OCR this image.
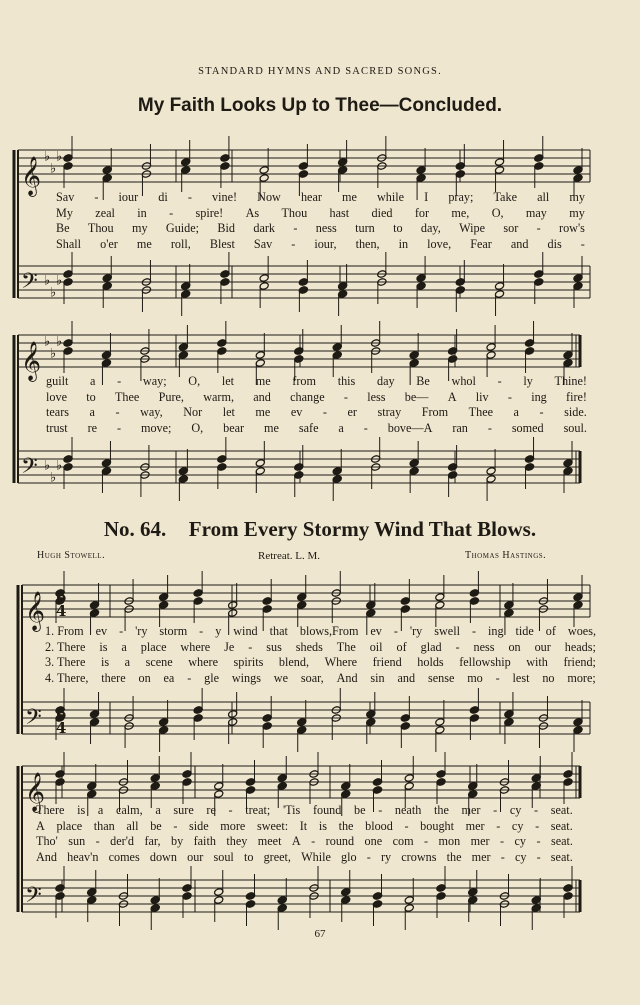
STANDARD HYMNS AND SACRED SONGS.
My Faith Looks Up to Thee—Concluded.
No. 64. From Every Stormy Wind That Blows.
Hugh Stowell.	Retreat. L. M.	Thomas Hastings.
67
𝄞
𝄢
♭
♭
♭
♭
♭
♭
𝄞
𝄢
♭
♭
♭
♭
♭
♭
𝄞
𝄢
𝄞
𝄢
6
4
6
4
Sav - iour di - vine! Now hear me while I pray; Take all my
My zeal in - spire! As Thou hast died for me, O, may my
Be Thou my Guide; Bid dark - ness turn to day, Wipe sor - row's
Shall o'er me roll, Blest Sav - iour, then, in love, Fear and dis -
guilt a - way; O, let me from this day Be whol - ly Thine!
love to Thee Pure, warm, and change - less be— A liv - ing fire!
tears a - way, Nor let me ev - er stray From Thee a - side.
trust re - move; O, bear me safe a - bove—A ran - somed soul.
1. From ev - 'ry storm - y wind that blows,From ev - 'ry swell - ing tide of woes,
2. There is a place where Je - sus sheds The oil of glad - ness on our heads;
3. There is a scene where spirits blend, Where friend holds fellowship with friend;
4. There, there on ea - gle wings we soar, And sin and sense mo - lest no more;
There is a calm, a sure re - treat; 'Tis found be - neath the mer - cy - seat.
A place than all be - side more sweet: It is the blood - bought mer - cy - seat.
Tho' sun - der'd far, by faith they meet A - round one com - mon mer - cy - seat.
And heav'n comes down our soul to greet, While glo - ry crowns the mer - cy - seat.
